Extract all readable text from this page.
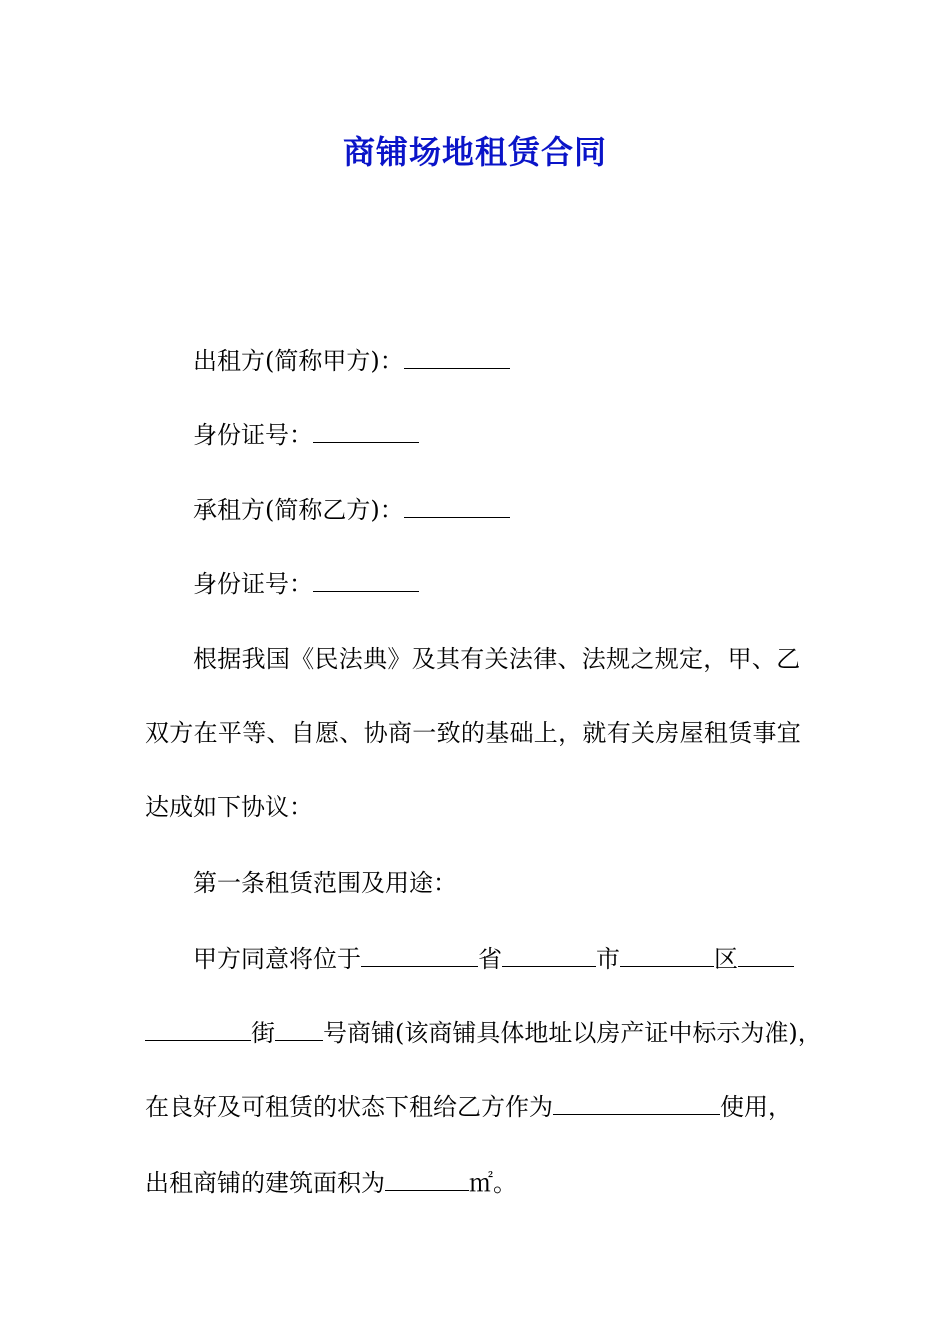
商铺场地租赁合同
出租方(简称甲方)：
身份证号：
承租方(简称乙方)：
身份证号：
根据我国《民法典》及其有关法律、法规之规定，甲、乙
双方在平等、自愿、协商一致的基础上，就有关房屋租赁事宜
达成如下协议：
第一条租赁范围及用途：
甲方同意将位于	省	市	区
街 号商铺(该商铺具体地址以房产证中标示为准)，
在良好及可租赁的状态下租给乙方作为	使用，
出租商铺的建筑面积为	㎡。
